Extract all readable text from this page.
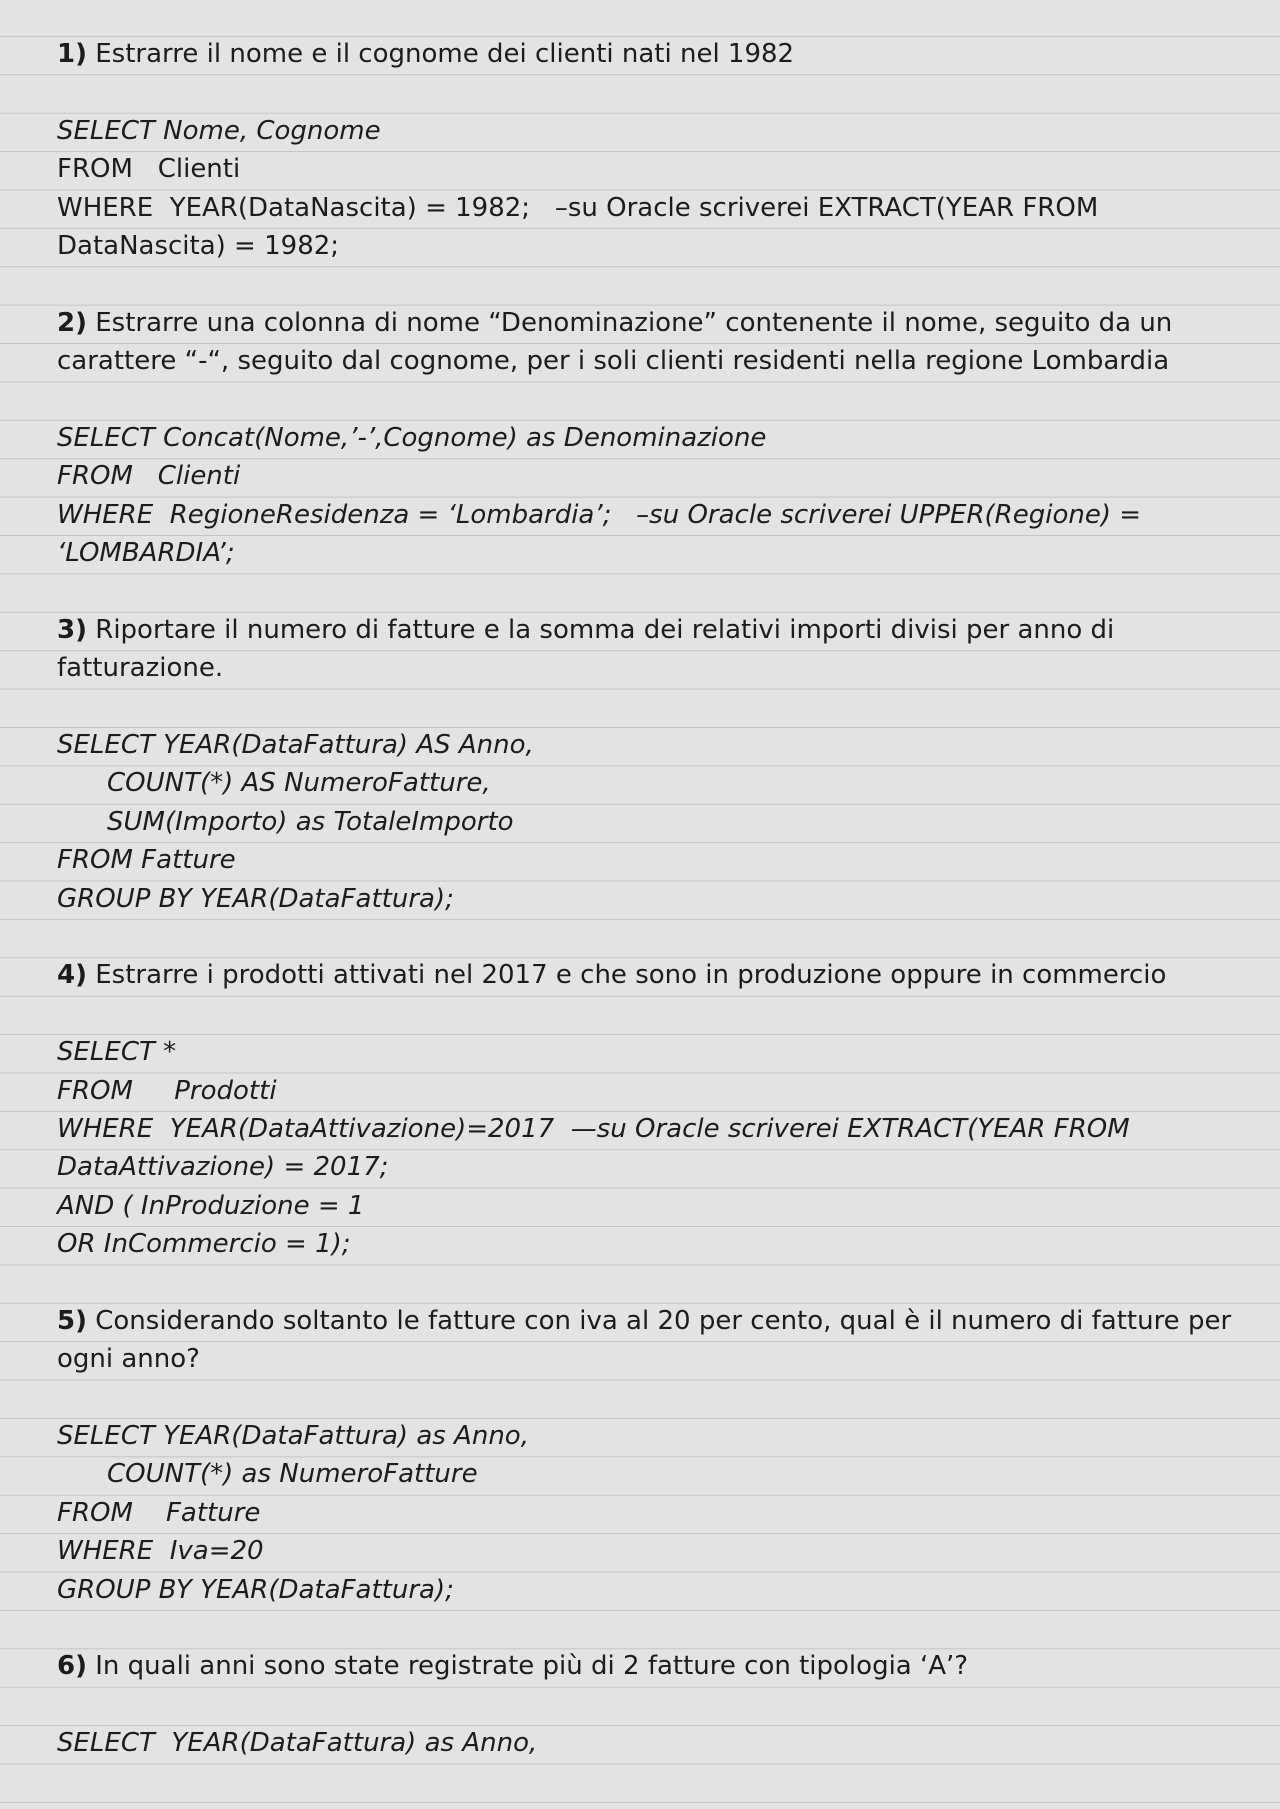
1) Estrarre il nome e il cognome dei clienti nati nel 1982
SELECT Nome, Cognome
FROM   Clienti
WHERE  YEAR(DataNascita) = 1982;   –su Oracle scriverei EXTRACT(YEAR FROM
DataNascita) = 1982;
2) Estrarre una colonna di nome “Denominazione” contenente il nome, seguito da un
carattere “-“, seguito dal cognome, per i soli clienti residenti nella regione Lombardia
SELECT Concat(Nome,’-’,Cognome) as Denominazione
FROM   Clienti
WHERE  RegioneResidenza = ‘Lombardia’;   –su Oracle scriverei UPPER(Regione) =
‘LOMBARDIA’;
3) Riportare il numero di fatture e la somma dei relativi importi divisi per anno di
fatturazione.
SELECT YEAR(DataFattura) AS Anno,
COUNT(*) AS NumeroFatture,
SUM(Importo) as TotaleImporto
FROM Fatture
GROUP BY YEAR(DataFattura);
4) Estrarre i prodotti attivati nel 2017 e che sono in produzione oppure in commercio
SELECT *
FROM     Prodotti
WHERE  YEAR(DataAttivazione)=2017  —su Oracle scriverei EXTRACT(YEAR FROM
DataAttivazione) = 2017;
AND ( InProduzione = 1
OR InCommercio = 1);
5) Considerando soltanto le fatture con iva al 20 per cento, qual è il numero di fatture per
ogni anno?
SELECT YEAR(DataFattura) as Anno,
COUNT(*) as NumeroFatture
FROM    Fatture
WHERE  Iva=20
GROUP BY YEAR(DataFattura);
6) In quali anni sono state registrate più di 2 fatture con tipologia ‘A’?
SELECT  YEAR(DataFattura) as Anno,
